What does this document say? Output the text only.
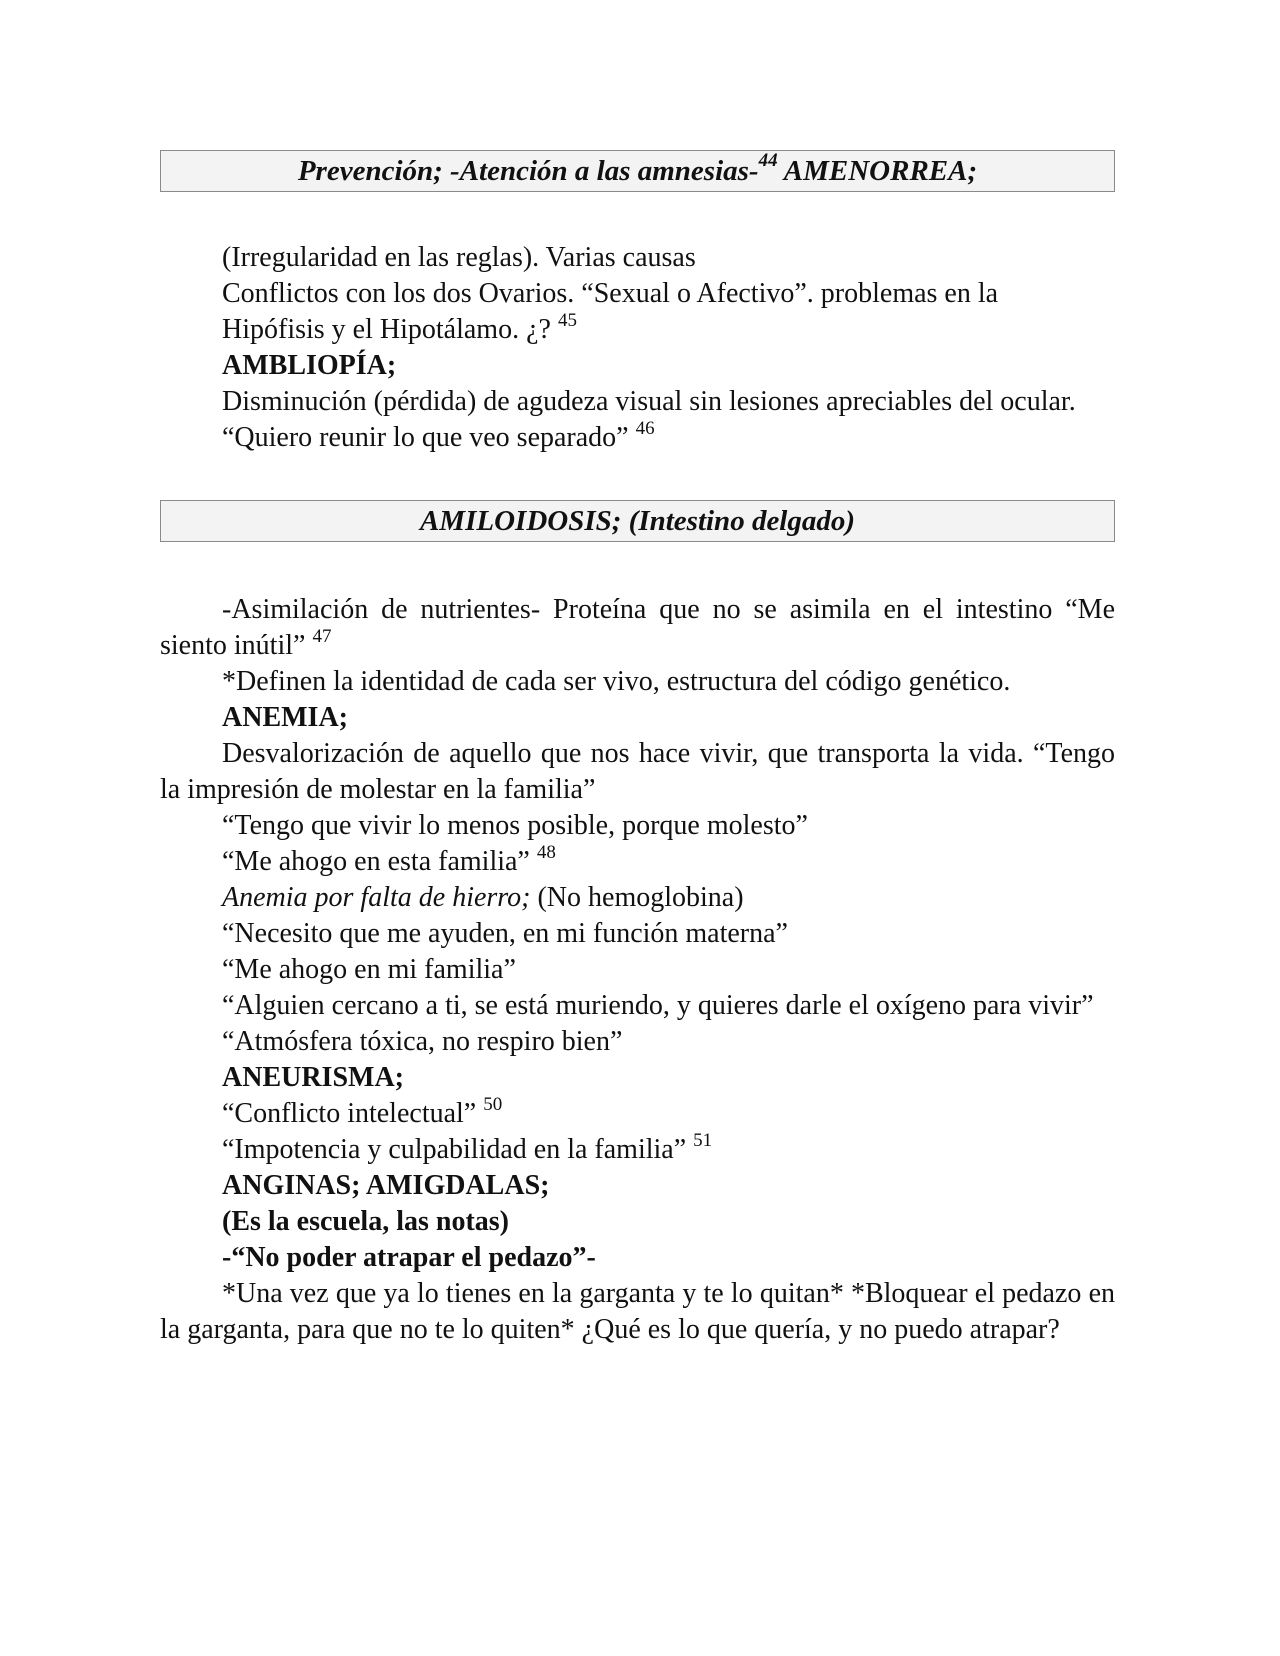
Prevención; -Atención a las amnesias-$^{44}$ AMENORREA;

(Irregularidad en las reglas). Varias causas

Conflictos con los dos Ovarios. “Sexual o Afectivo”. problemas en la

Hipófisis y el Hipotálamo. ¿? $^{45}$

AMBLIOPÍA;

Disminución (pérdida) de agudeza visual sin lesiones apreciables del ocular.

“Quiero reunir lo que veo separado” $^{46}$

AMILOIDOSIS; (Intestino delgado)

-Asimilación de nutrientes- Proteína que no se asimila en el intestino “Me siento inútil” $^{47}$

*Definen la identidad de cada ser vivo, estructura del código genético.

ANEMIA;

Desvalorización de aquello que nos hace vivir, que transporta la vida. “Tengo la impresión de molestar en la familia”

“Tengo que vivir lo menos posible, porque molesto”

“Me ahogo en esta familia” $^{48}$

Anemia por falta de hierro; (No hemoglobina)

“Necesito que me ayuden, en mi función materna”

“Me ahogo en mi familia”

“Alguien cercano a ti, se está muriendo, y quieres darle el oxígeno para vivir”

“Atmósfera tóxica, no respiro bien”

ANEURISMA;

“Conflicto intelectual” $^{50}$

“Impotencia y culpabilidad en la familia” $^{51}$

ANGINAS; AMIGDALAS;

(Es la escuela, las notas)

-“No poder atrapar el pedazo”-

*Una vez que ya lo tienes en la garganta y te lo quitan* *Bloquear el pedazo en la garganta, para que no te lo quiten* ¿Qué es lo que quería, y no puedo atrapar?
